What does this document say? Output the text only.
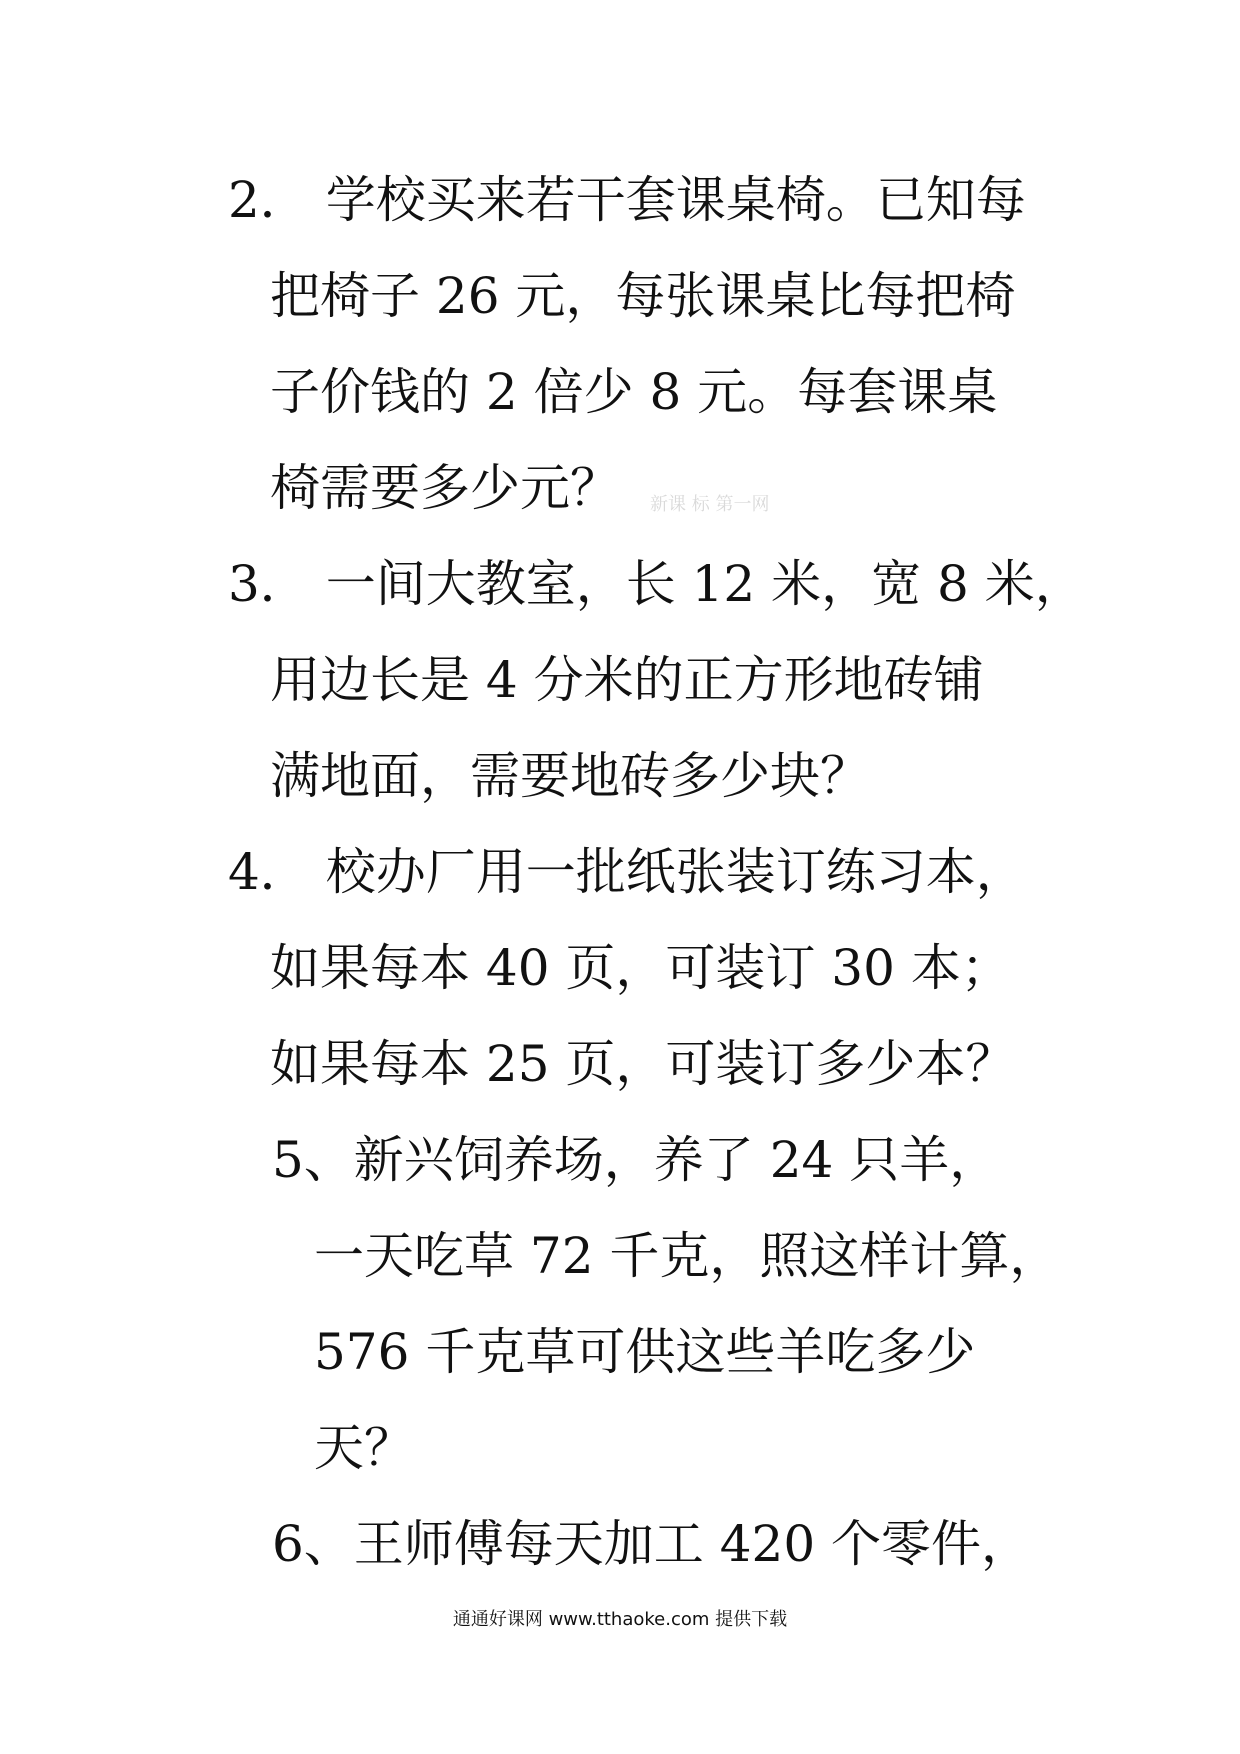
2． 学校买来若干套课桌椅。已知每
把椅子 26 元，每张课桌比每把椅
子价钱的 2 倍少 8 元。每套课桌
椅需要多少元？ 新课 标 第一网
3． 一间大教室，长 12 米，宽 8 米，
用边长是 4 分米的正方形地砖铺
满地面，需要地砖多少块？
4． 校办厂用一批纸张装订练习本，
如果每本 40 页，可装订 30 本；
如果每本 25 页，可装订多少本？
5、新兴饲养场，养了 24 只羊，
一天吃草 72 千克，照这样计算，
576 千克草可供这些羊吃多少
天？
6、王师傅每天加工 420 个零件，
通通好课网 www.tthaoke.com 提供下载
